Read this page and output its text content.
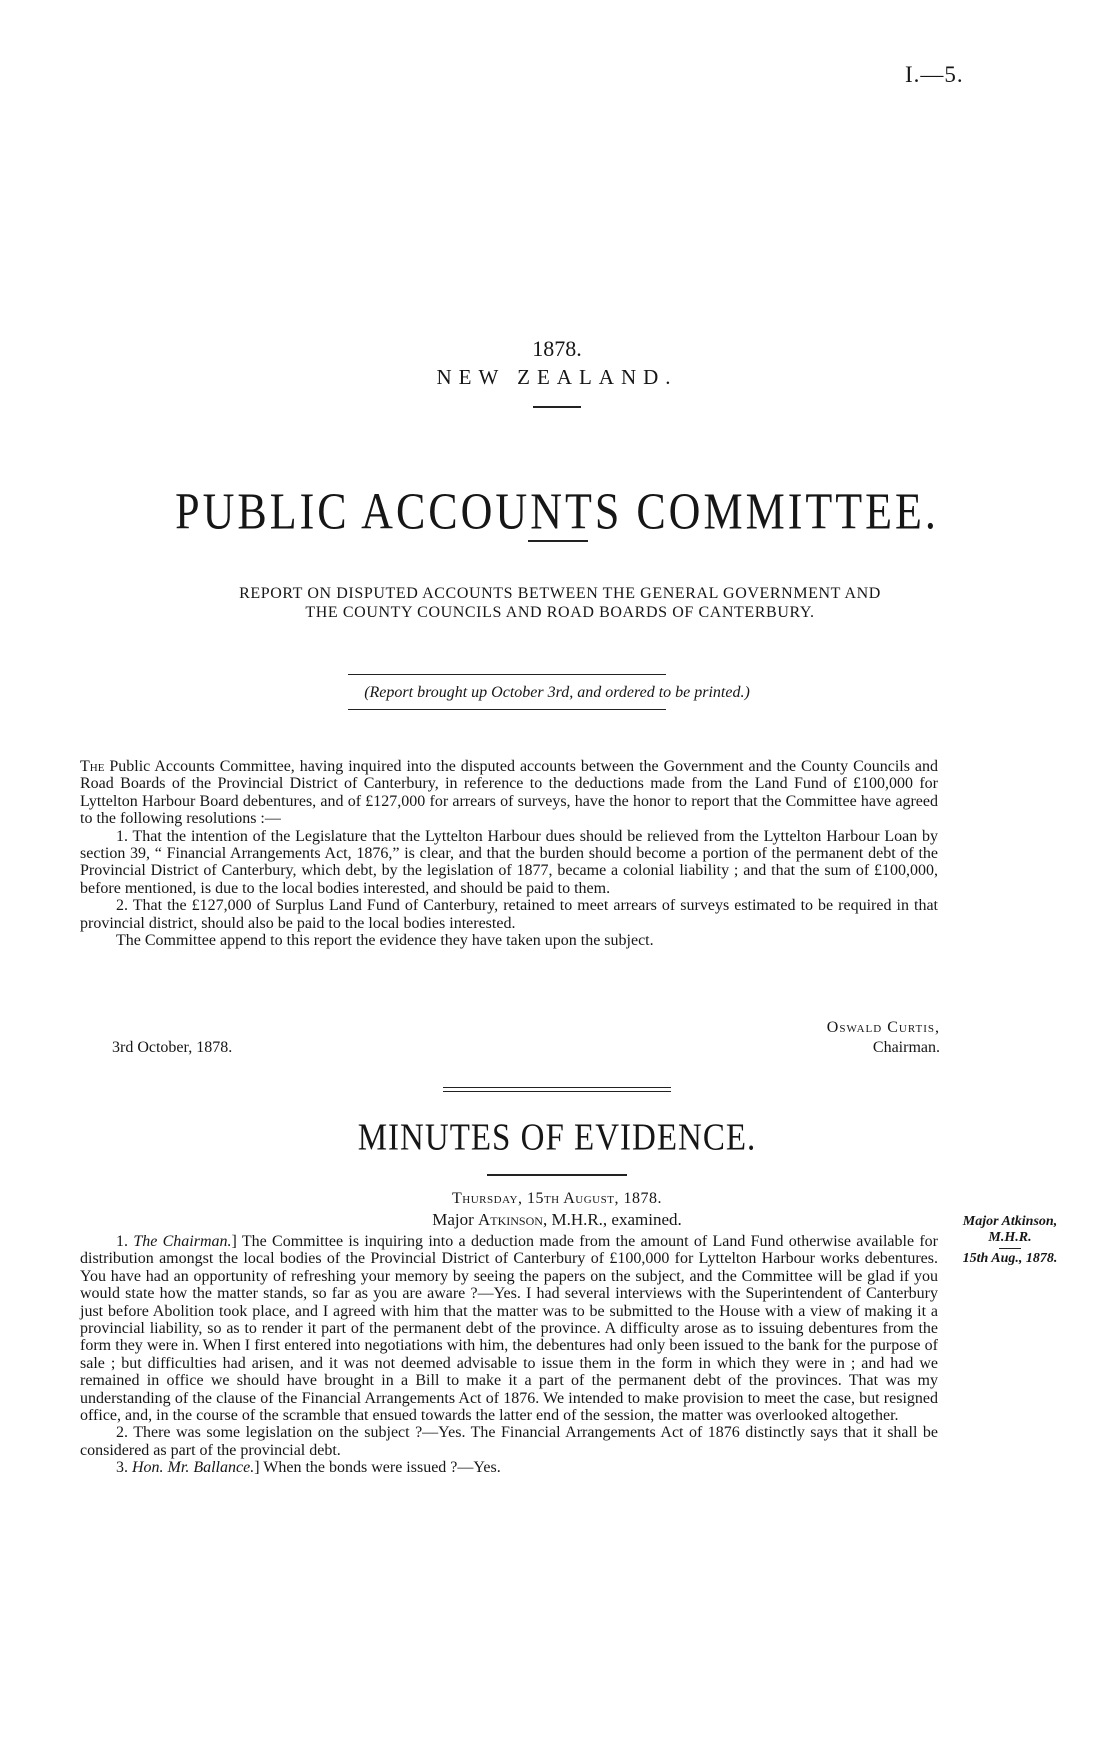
I.—5.
1878.
NEW ZEALAND.
PUBLIC ACCOUNTS COMMITTEE.
REPORT ON DISPUTED ACCOUNTS BETWEEN THE GENERAL GOVERNMENT AND
THE COUNTY COUNCILS AND ROAD BOARDS OF CANTERBURY.
(Report brought up October 3rd, and ordered to be printed.)

The Public Accounts Committee, having inquired into the disputed accounts between the Government and the County Councils and Road Boards of the Provincial District of Canterbury, in reference to the deductions made from the Land Fund of £100,000 for Lyttelton Harbour Board debentures, and of £127,000 for arrears of surveys, have the honor to report that the Committee have agreed to the following resolutions :—

1. That the intention of the Legislature that the Lyttelton Harbour dues should be relieved from the Lyttelton Harbour Loan by section 39, “ Financial Arrangements Act, 1876,” is clear, and that the burden should become a portion of the permanent debt of the Provincial District of Canterbury, which debt, by the legislation of 1877, became a colonial liability ; and that the sum of £100,000, before mentioned, is due to the local bodies interested, and should be paid to them.

2. That the £127,000 of Surplus Land Fund of Canterbury, retained to meet arrears of surveys estimated to be required in that provincial district, should also be paid to the local bodies interested.

The Committee append to this report the evidence they have taken upon the subject.

Oswald Curtis,
3rd October, 1878.	Chairman.
MINUTES OF EVIDENCE.
Thursday, 15th August, 1878.
Major Atkinson, M.H.R., examined.	Major Atkinson,
M.H.R.
15th Aug., 1878.

1. The Chairman.] The Committee is inquiring into a deduction made from the amount of Land Fund otherwise available for distribution amongst the local bodies of the Provincial District of Canterbury of £100,000 for Lyttelton Harbour works debentures. You have had an opportunity of refreshing your memory by seeing the papers on the subject, and the Committee will be glad if you would state how the matter stands, so far as you are aware ?—Yes. I had several interviews with the Superintendent of Canterbury just before Abolition took place, and I agreed with him that the matter was to be submitted to the House with a view of making it a provincial liability, so as to render it part of the permanent debt of the province. A difficulty arose as to issuing debentures from the form they were in. When I first entered into negotiations with him, the debentures had only been issued to the bank for the purpose of sale ; but difficulties had arisen, and it was not deemed advisable to issue them in the form in which they were in ; and had we remained in office we should have brought in a Bill to make it a part of the permanent debt of the provinces. That was my understanding of the clause of the Financial Arrangements Act of 1876. We intended to make provision to meet the case, but resigned office, and, in the course of the scramble that ensued towards the latter end of the session, the matter was overlooked altogether.

2. There was some legislation on the subject ?—Yes. The Financial Arrangements Act of 1876 distinctly says that it shall be considered as part of the provincial debt.

3. Hon. Mr. Ballance.] When the bonds were issued ?—Yes.
